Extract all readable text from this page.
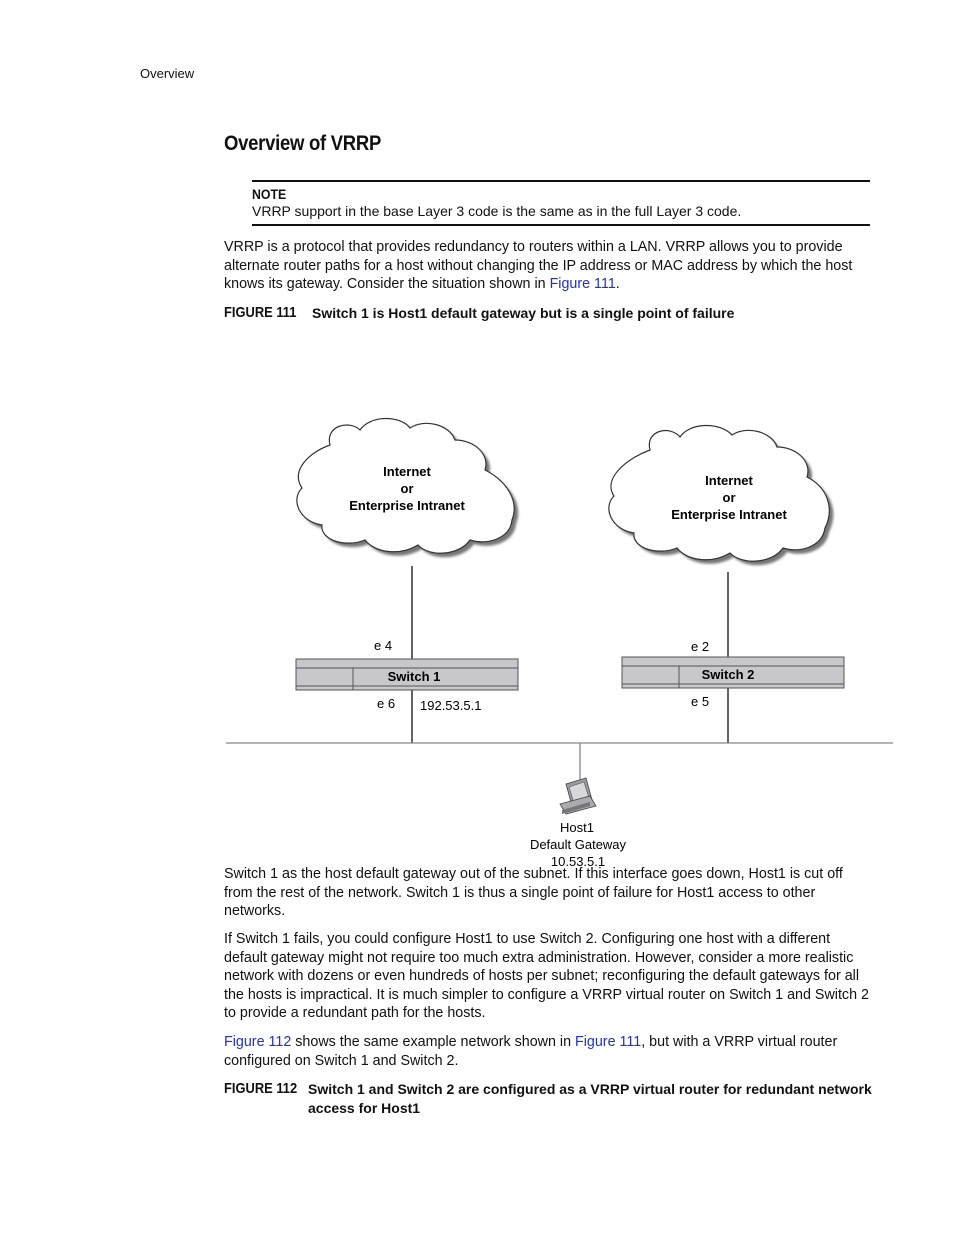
Overview
Overview of VRRP
NOTE
VRRP support in the base Layer 3 code is the same as in the full Layer 3 code.

VRRP is a protocol that provides redundancy to routers within a LAN. VRRP allows you to provide alternate router paths for a host without changing the IP address or MAC address by which the host knows its gateway. Consider the situation shown in Figure 111.

FIGURE 111 Switch 1 is Host1 default gateway but is a single point of failure
Internet
or
Enterprise Intranet
Internet
or
Enterprise Intranet
Switch 1
e 4
e 6 192.53.5.1
Switch 2
e 2
e 5
Host1
Default Gateway
10.53.5.1

Switch 1 as the host default gateway out of the subnet. If this interface goes down, Host1 is cut off from the rest of the network. Switch 1 is thus a single point of failure for Host1 access to other networks.

If Switch 1 fails, you could configure Host1 to use Switch 2. Configuring one host with a different default gateway might not require too much extra administration. However, consider a more realistic network with dozens or even hundreds of hosts per subnet; reconfiguring the default gateways for all the hosts is impractical. It is much simpler to configure a VRRP virtual router on Switch 1 and Switch 2 to provide a redundant path for the hosts.

Figure 112 shows the same example network shown in Figure 111, but with a VRRP virtual router configured on Switch 1 and Switch 2.

FIGURE 112 Switch 1 and Switch 2 are configured as a VRRP virtual router for redundant network access for Host1
